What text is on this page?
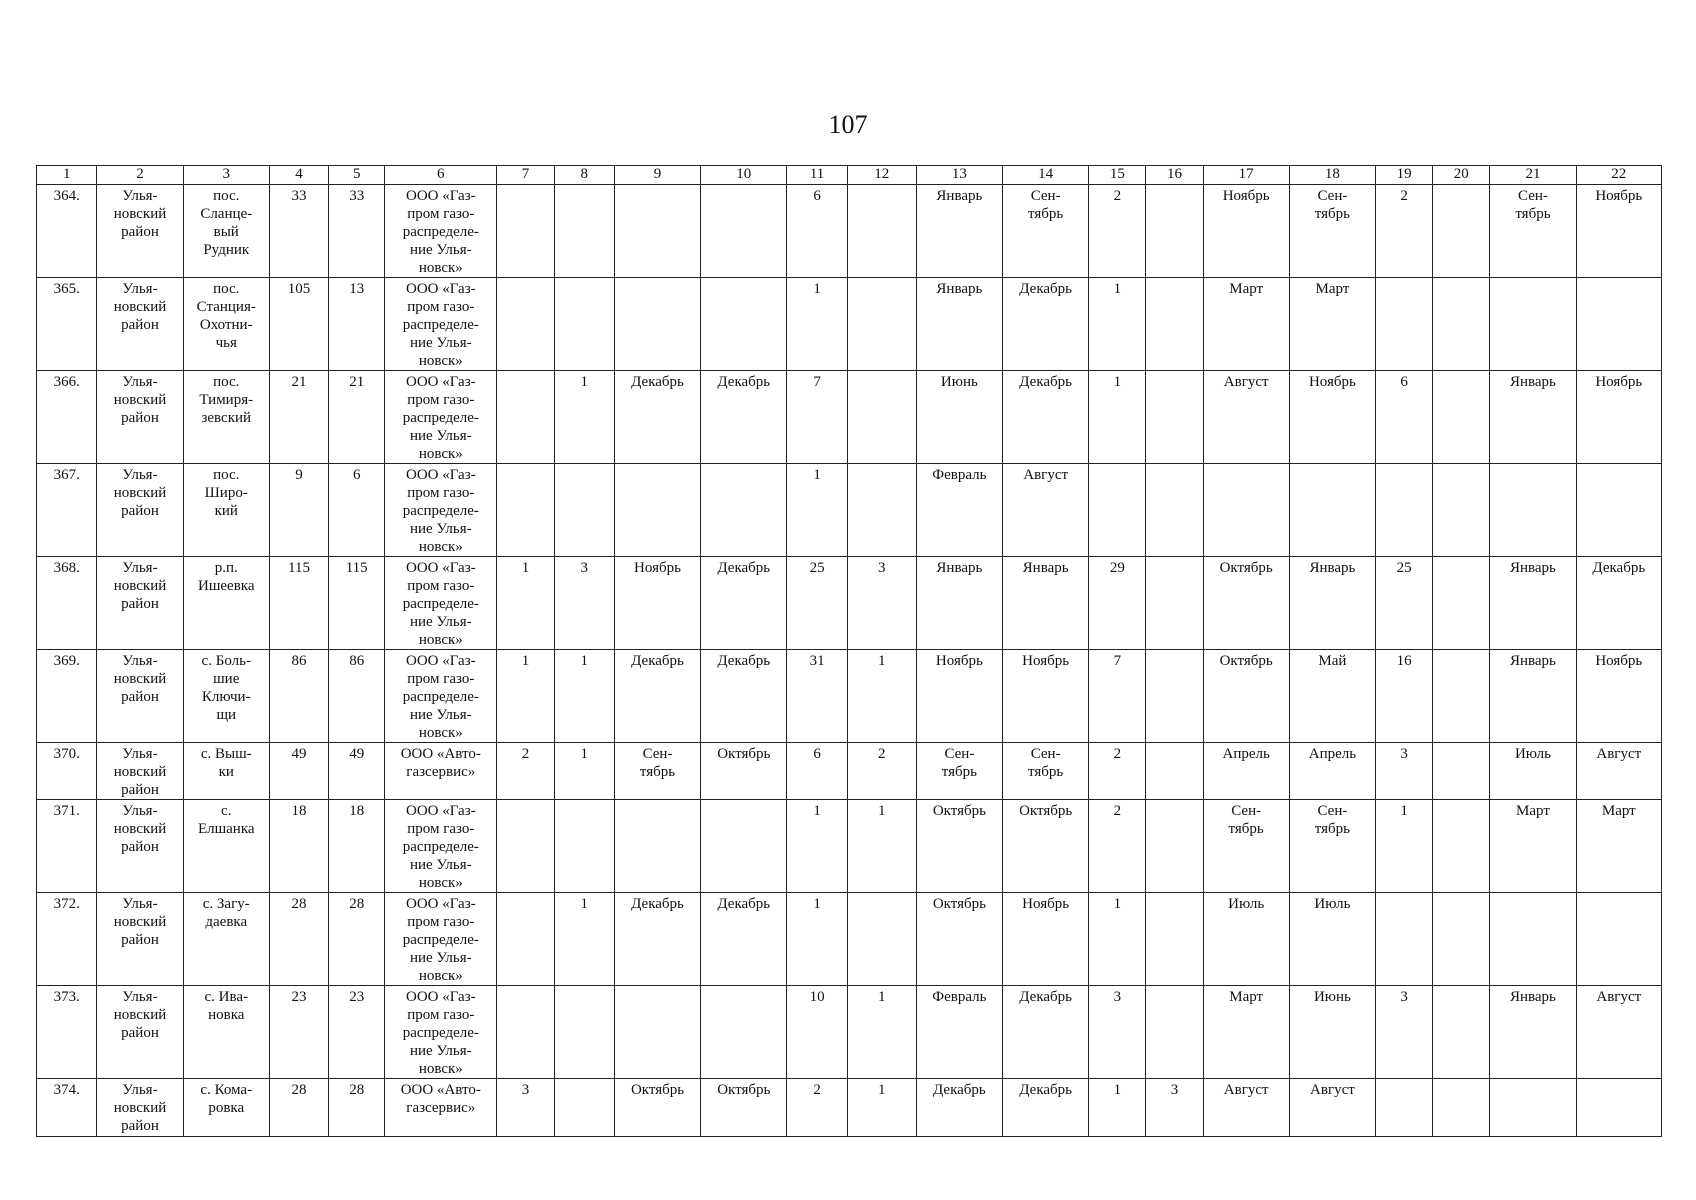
107
1	2	3	4	5	6	7	8	9	10	11	12	13	14	15	16	17	18	19	20	21	22
364.	Улья-
новский
район	пос.
Сланце-
вый
Рудник	33	33	ООО «Газ-
пром газо-
распределе-
ние Улья-
новск»					6		Январь	Сен-
тябрь	2		Ноябрь	Сен-
тябрь	2		Сен-
тябрь	Ноябрь
365.	Улья-
новский
район	пос.
Станция-
Охотни-
чья	105	13	ООО «Газ-
пром газо-
распределе-
ние Улья-
новск»					1		Январь	Декабрь	1		Март	Март				
366.	Улья-
новский
район	пос.
Тимиря-
зевский	21	21	ООО «Газ-
пром газо-
распределе-
ние Улья-
новск»		1	Декабрь	Декабрь	7		Июнь	Декабрь	1		Август	Ноябрь	6		Январь	Ноябрь
367.	Улья-
новский
район	пос.
Широ-
кий	9	6	ООО «Газ-
пром газо-
распределе-
ние Улья-
новск»					1		Февраль	Август								
368.	Улья-
новский
район	р.п.
Ишеевка	115	115	ООО «Газ-
пром газо-
распределе-
ние Улья-
новск»	1	3	Ноябрь	Декабрь	25	3	Январь	Январь	29		Октябрь	Январь	25		Январь	Декабрь
369.	Улья-
новский
район	с. Боль-
шие
Ключи-
щи	86	86	ООО «Газ-
пром газо-
распределе-
ние Улья-
новск»	1	1	Декабрь	Декабрь	31	1	Ноябрь	Ноябрь	7		Октябрь	Май	16		Январь	Ноябрь
370.	Улья-
новский
район	с. Выш-
ки	49	49	ООО «Авто-
газсервис»	2	1	Сен-
тябрь	Октябрь	6	2	Сен-
тябрь	Сен-
тябрь	2		Апрель	Апрель	3		Июль	Август
371.	Улья-
новский
район	с.
Елшанка	18	18	ООО «Газ-
пром газо-
распределе-
ние Улья-
новск»					1	1	Октябрь	Октябрь	2		Сен-
тябрь	Сен-
тябрь	1		Март	Март
372.	Улья-
новский
район	с. Загу-
даевка	28	28	ООО «Газ-
пром газо-
распределе-
ние Улья-
новск»		1	Декабрь	Декабрь	1		Октябрь	Ноябрь	1		Июль	Июль				
373.	Улья-
новский
район	с. Ива-
новка	23	23	ООО «Газ-
пром газо-
распределе-
ние Улья-
новск»					10	1	Февраль	Декабрь	3		Март	Июнь	3		Январь	Август
374.	Улья-
новский
район	с. Кома-
ровка	28	28	ООО «Авто-
газсервис»	3		Октябрь	Октябрь	2	1	Декабрь	Декабрь	1	3	Август	Август				
